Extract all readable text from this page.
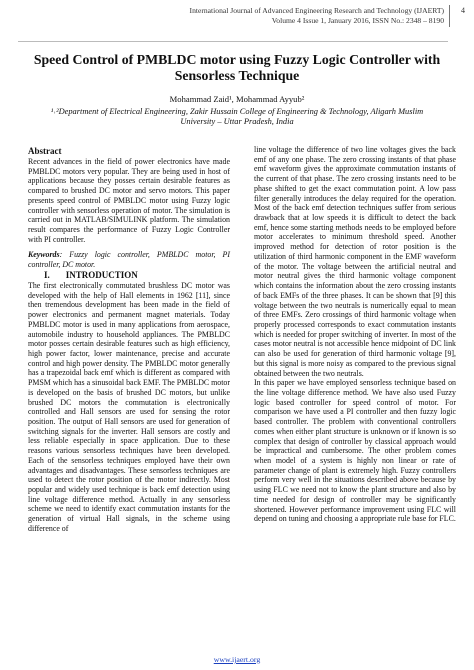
International Journal of Advanced Engineering Research and Technology (IJAERT)
Volume 4 Issue 1, January 2016, ISSN No.: 2348 – 8190
4
Speed Control of PMBLDC motor using Fuzzy Logic Controller with Sensorless Technique
Mohammad Zaid¹, Mohammad Ayyub²
¹˒²Department of Electrical Engineering, Zakir Hussain College of Engineering & Technology, Aligarh Muslim University – Uttar Pradesh, India

Abstract

Recent advances in the field of power electronics have made PMBLDC motors very popular. They are being used in host of applications because they posses certain desirable features as compared to brushed DC motor and servo motors. This paper presents speed control of PMBLDC motor using Fuzzy logic controller with sensorless operation of motor. The simulation is carried out in MATLAB/SIMULINK platform. The simulation result compares the performance of Fuzzy Logic Controller with PI controller.

Keywords: Fuzzy logic controller, PMBLDC motor, PI controller, DC motor.

I. INTRODUCTION

The first electronically commutated brushless DC motor was developed with the help of Hall elements in 1962 [11], since then tremendous development has been made in the field of power electronics and permanent magnet materials. Today PMBLDC motor is used in many applications from aerospace, automobile industry to household appliances. The PMBLDC motor posses certain desirable features such as high efficiency, high power factor, lower maintenance, precise and accurate control and high power density. The PMBLDC motor generally has a trapezoidal back emf which is different as compared with PMSM which has a sinusoidal back EMF. The PMBLDC motor is developed on the basis of brushed DC motors, but unlike brushed DC motors the commutation is electronically controlled and Hall sensors are used for sensing the rotor position. The output of Hall sensors are used for generation of switching signals for the inverter. Hall sensors are costly and less reliable especially in space application. Due to these reasons various sensorless techniques have been developed. Each of the sensorless techniques employed have their own advantages and disadvantages. These sensorless techniques are used to detect the rotor position of the motor indirectly. Most popular and widely used technique is back emf detection using line voltage difference method. Actually in any sensorless scheme we need to identify exact commutation instants for the generation of virtual Hall signals, in the scheme using difference of

line voltage the difference of two line voltages gives the back emf of any one phase. The zero crossing instants of that phase emf waveform gives the approximate commutation instants of the current of that phase. The zero crossing instants need to be phase shifted to get the exact commutation point. A low pass filter generally introduces the delay required for the operation. Most of the back emf detection techniques suffer from serious drawback that at low speeds it is difficult to detect the back emf, hence some starting methods needs to be employed before motor accelerates to minimum threshold speed. Another improved method for detection of rotor position is the utilization of third harmonic component in the EMF waveform of the motor. The voltage between the artificial neutral and motor neutral gives the third harmonic voltage component which contains the information about the zero crossing instants of back EMFs of the three phases. It can be shown that [9] this voltage between the two neutrals is numerically equal to mean of three EMFs. Zero crossings of third harmonic voltage when properly processed corresponds to exact commutation instants which is needed for proper switching of inverter. In most of the cases motor neutral is not accessible hence midpoint of DC link can also be used for generation of third harmonic voltage [9], but this signal is more noisy as compared to the previous signal obtained between the two neutrals.

In this paper we have employed sensorless technique based on the line voltage difference method. We have also used Fuzzy logic based controller for speed control of motor. For comparison we have used a PI controller and then fuzzy logic based controller. The problem with conventional controllers comes when either plant structure is unknown or if known is so complex that design of controller by classical approach would be impractical and cumbersome. The other problem comes when model of a system is highly non linear or rate of parameter change of plant is extremely high. Fuzzy controllers perform very well in the situations described above because by using FLC we need not to know the plant structure and also by time needed for design of controller may be significantly shortened. However performance improvement using FLC will depend on tuning and choosing a appropriate rule base for FLC.

www.ijaert.org
